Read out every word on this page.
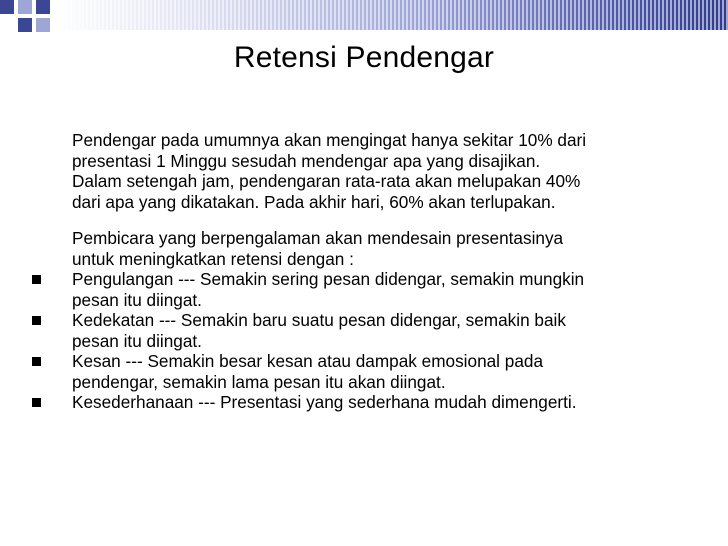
Retensi Pendengar
Pendengar pada umumnya akan mengingat hanya sekitar 10% dari
presentasi 1 Minggu sesudah mendengar apa yang disajikan.
Dalam setengah jam, pendengaran rata-rata akan melupakan 40%
dari apa yang dikatakan. Pada akhir hari, 60% akan terlupakan.
Pembicara yang berpengalaman akan mendesain presentasinya
untuk meningkatkan retensi dengan :
Pengulangan --- Semakin sering pesan didengar, semakin mungkin
pesan itu diingat.
Kedekatan --- Semakin baru suatu pesan didengar, semakin baik
pesan itu diingat.
Kesan --- Semakin besar kesan atau dampak emosional pada
pendengar, semakin lama pesan itu akan diingat.
Kesederhanaan --- Presentasi yang sederhana mudah dimengerti.
